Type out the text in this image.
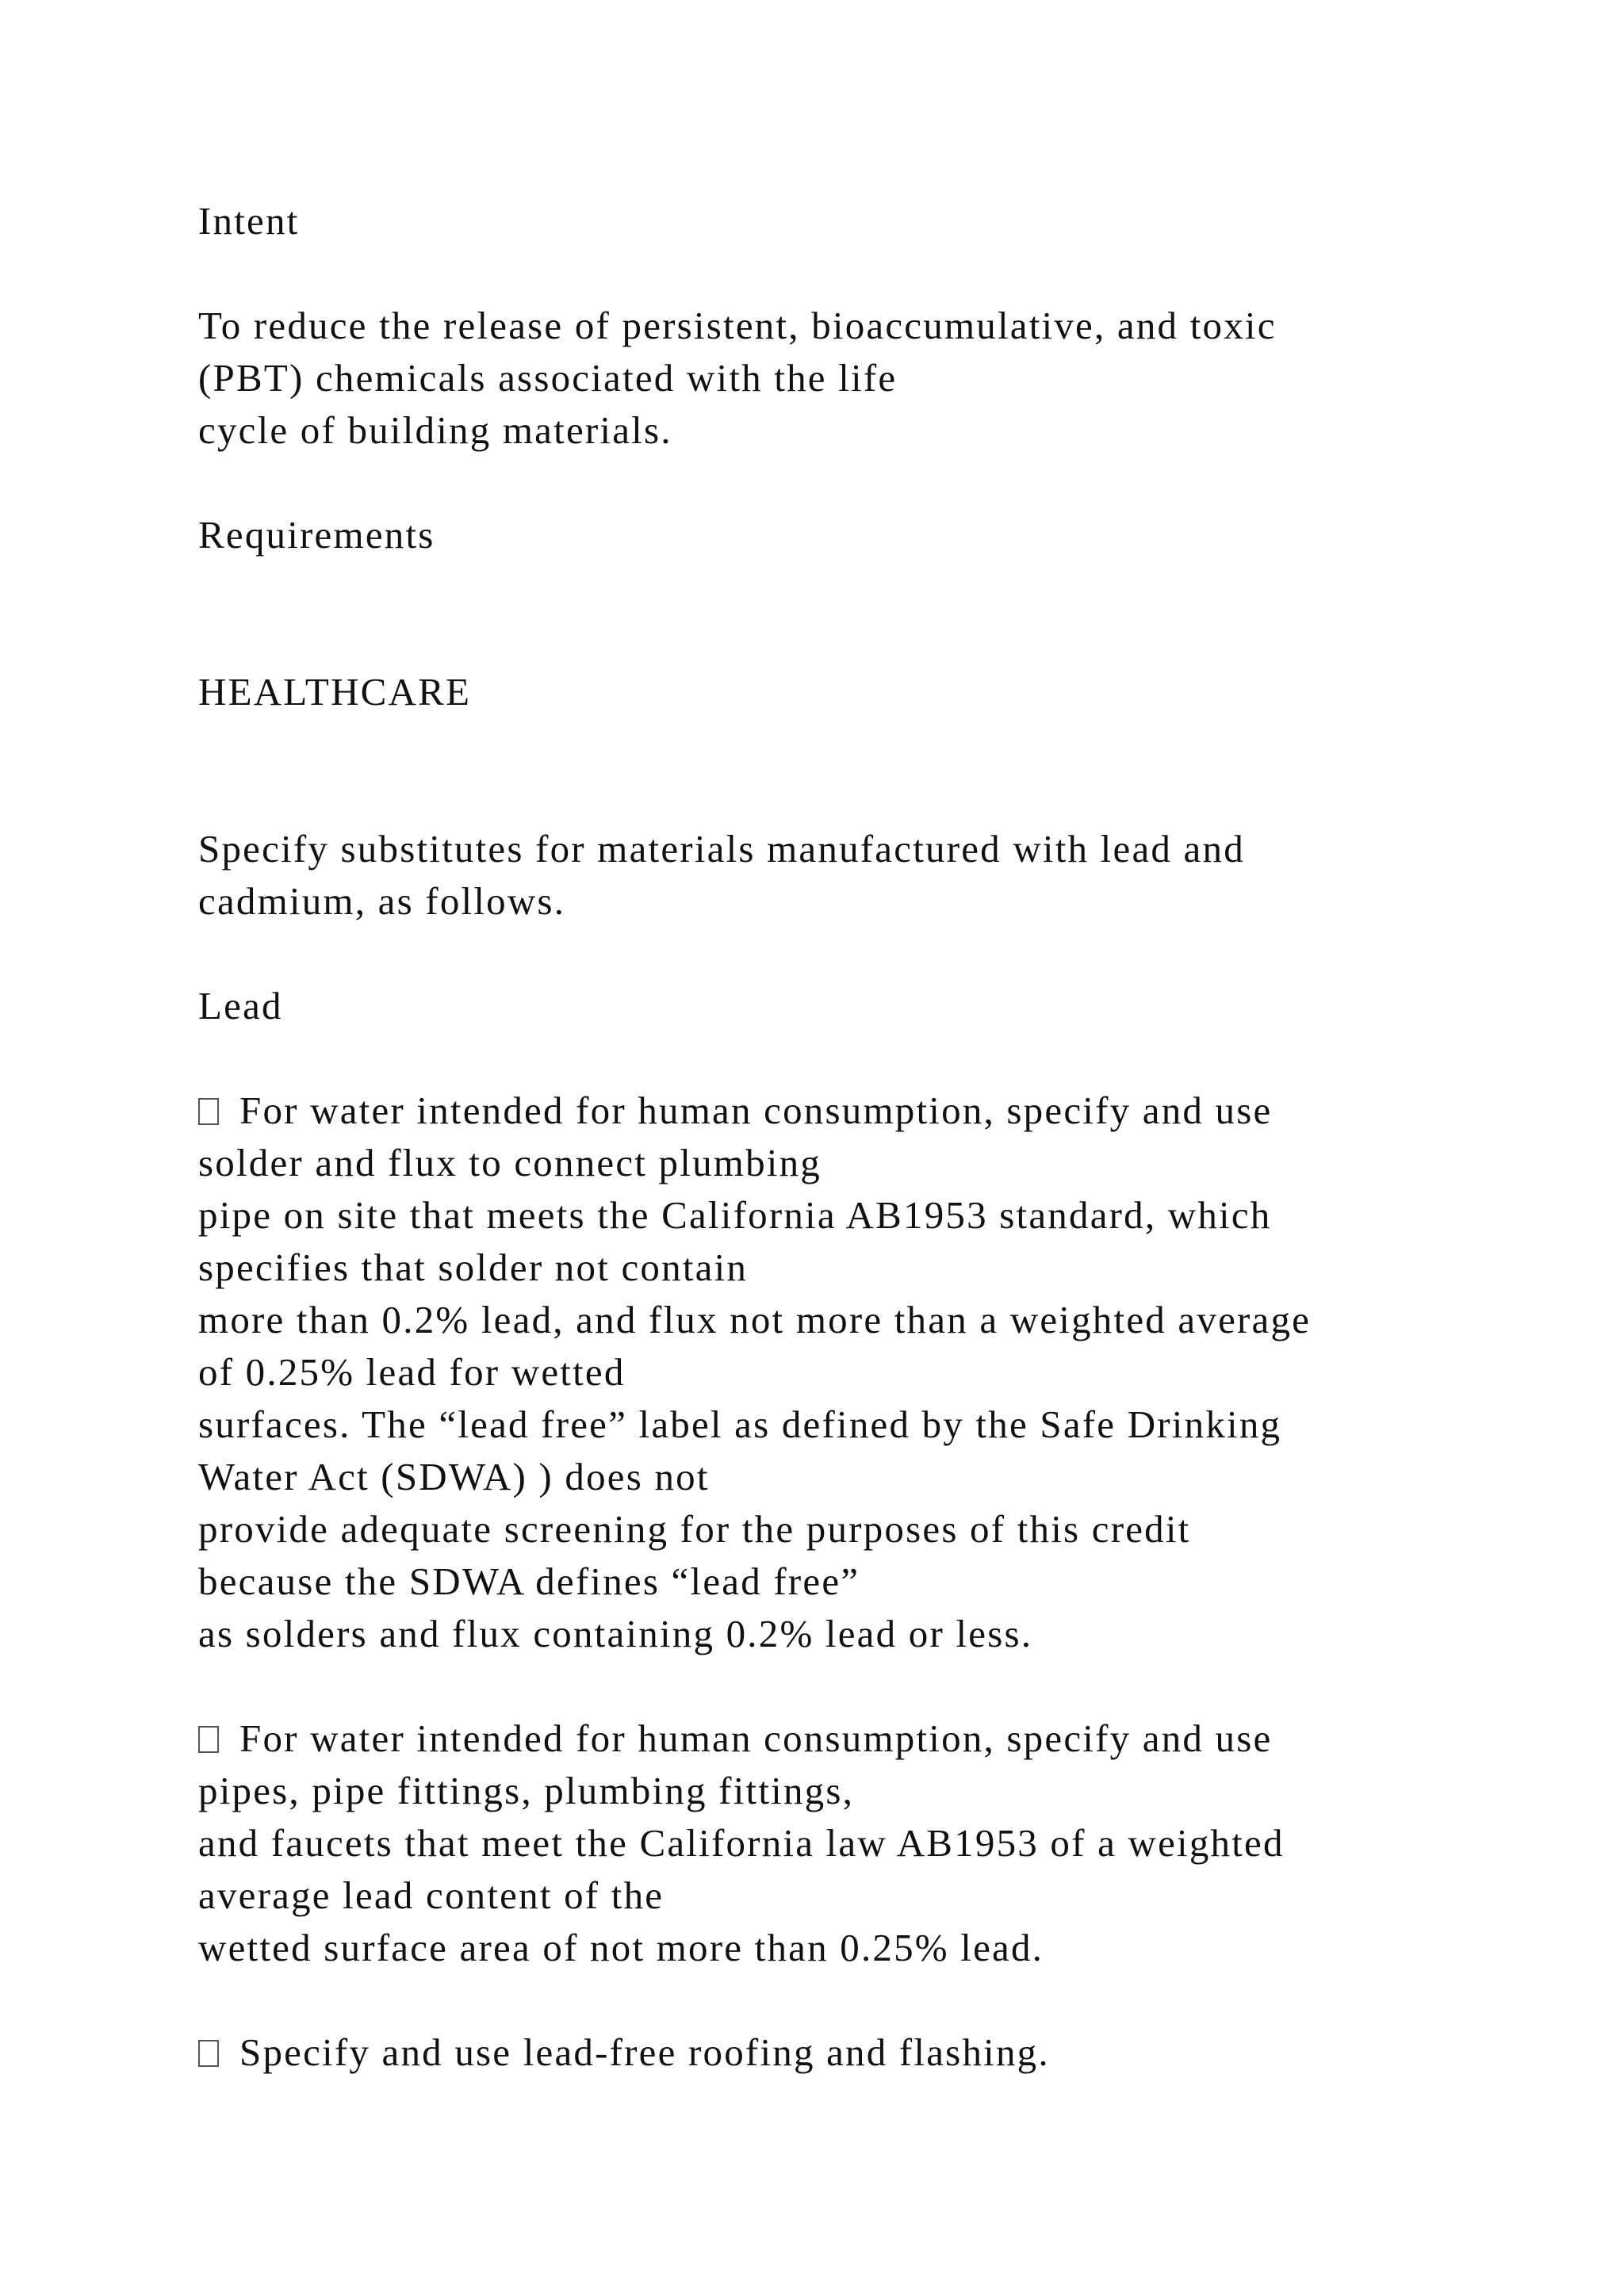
Intent

To reduce the release of persistent, bioaccumulative, and toxic

(PBT) chemicals associated with the life

cycle of building materials.

Requirements

HEALTHCARE

Specify substitutes for materials manufactured with lead and

cadmium, as follows.

Lead

For water intended for human consumption, specify and use

solder and flux to connect plumbing

pipe on site that meets the California AB1953 standard, which

specifies that solder not contain

more than 0.2% lead, and flux not more than a weighted average

of 0.25% lead for wetted

surfaces. The “lead free” label as defined by the Safe Drinking

Water Act (SDWA) ) does not

provide adequate screening for the purposes of this credit

because the SDWA defines “lead free”

as solders and flux containing 0.2% lead or less.

For water intended for human consumption, specify and use

pipes, pipe fittings, plumbing fittings,

and faucets that meet the California law AB1953 of a weighted

average lead content of the

wetted surface area of not more than 0.25% lead.

Specify and use lead-free roofing and flashing.
